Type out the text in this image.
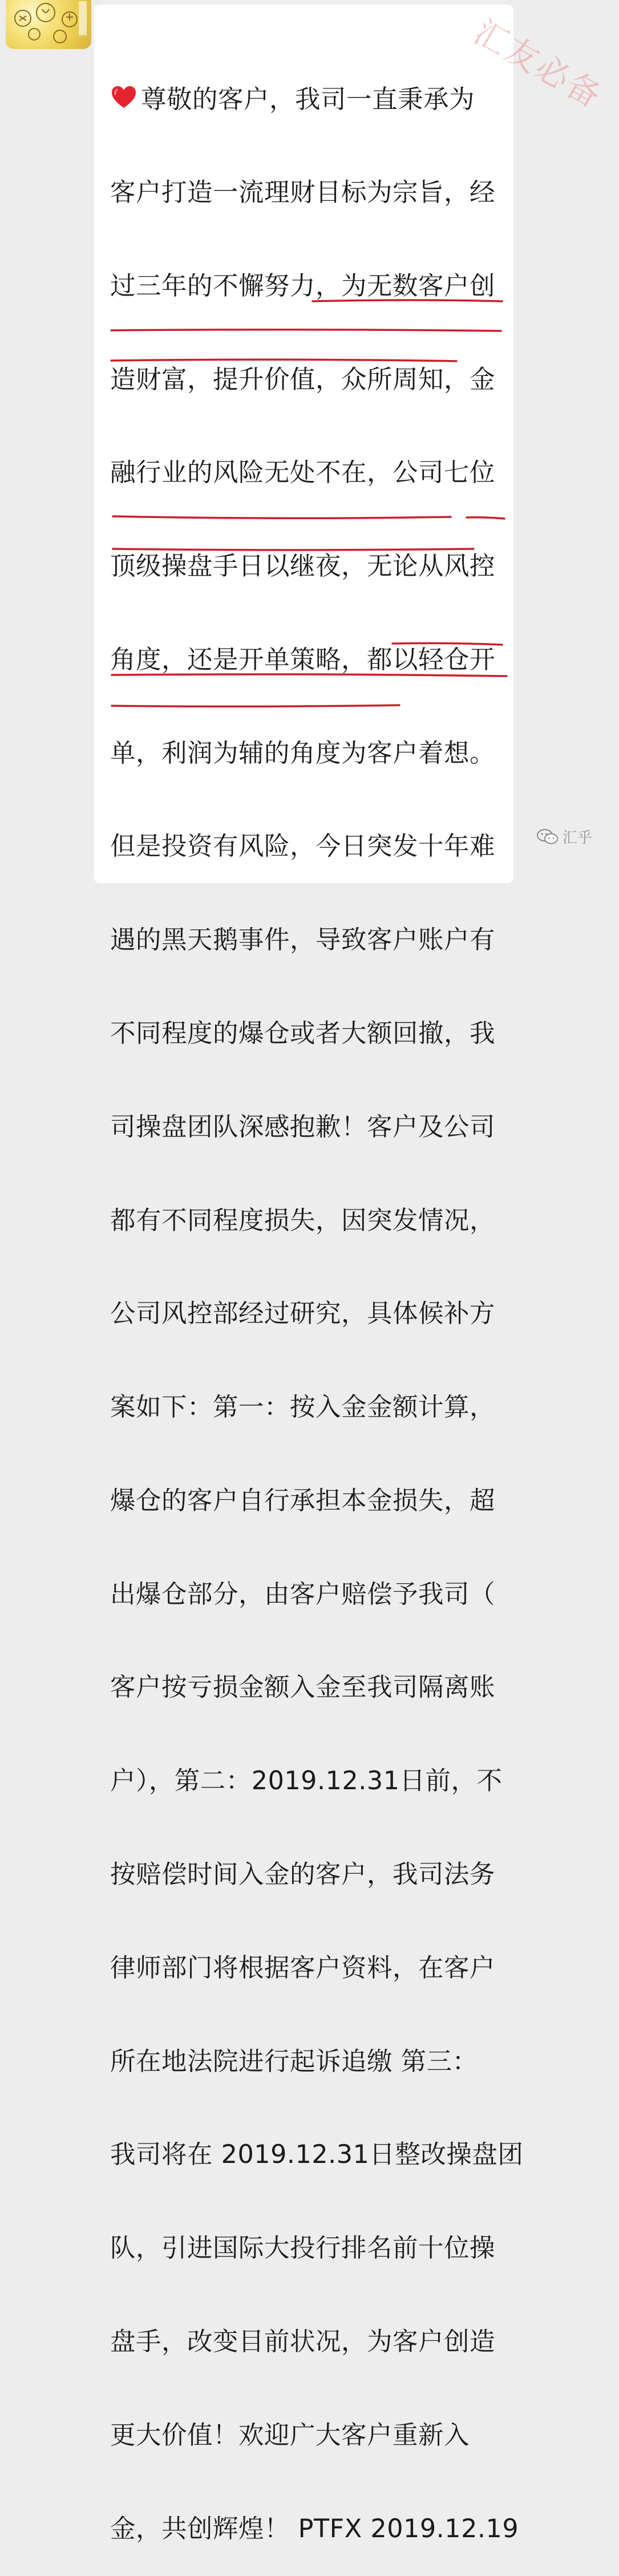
汇友必备

尊敬的客户，我司一直秉承为

客户打造一流理财目标为宗旨，经

过三年的不懈努力，为无数客户创

造财富，提升价值，众所周知，金

融行业的风险无处不在，公司七位

顶级操盘手日以继夜，无论从风控

角度，还是开单策略，都以轻仓开

单，利润为辅的角度为客户着想。

但是投资有风险，今日突发十年难

遇的黑天鹅事件，导致客户账户有

不同程度的爆仓或者大额回撤，我

司操盘团队深感抱歉！客户及公司

都有不同程度损失，因突发情况，

公司风控部经过研究，具体候补方

案如下：第一：按入金金额计算，

爆仓的客户自行承担本金损失，超

出爆仓部分，由客户赔偿予我司（

客户按亏损金额入金至我司隔离账

户），第二：2019.12.31日前，不

按赔偿时间入金的客户，我司法务

律师部门将根据客户资料，在客户

所在地法院进行起诉追缴 第三：

我司将在 2019.12.31日整改操盘团

队，引进国际大投行排名前十位操

盘手，改变目前状况，为客户创造

更大价值！欢迎广大客户重新入

金，共创辉煌！ PTFX 2019.12.19

汇乎
